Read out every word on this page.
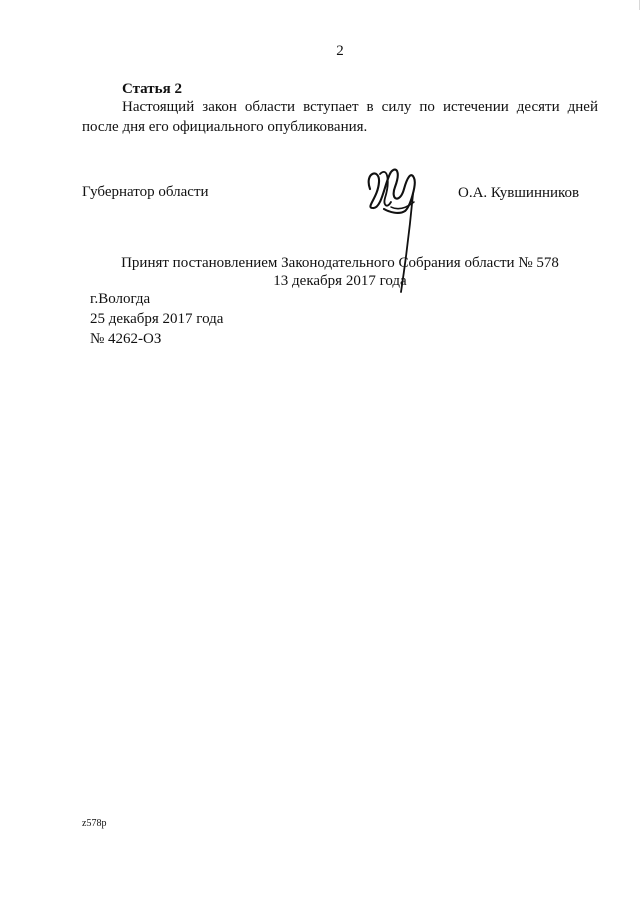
2
Статья 2

Настоящий закон области вступает в силу по истечении десяти дней после дня его официального опубликования.

Губернатор области	О.А. Кувшинников
Принят постановлением Законодательного Собрания области № 578
13 декабря 2017 года
г.Вологда
25 декабря 2017 года
№ 4262-ОЗ
z578p
